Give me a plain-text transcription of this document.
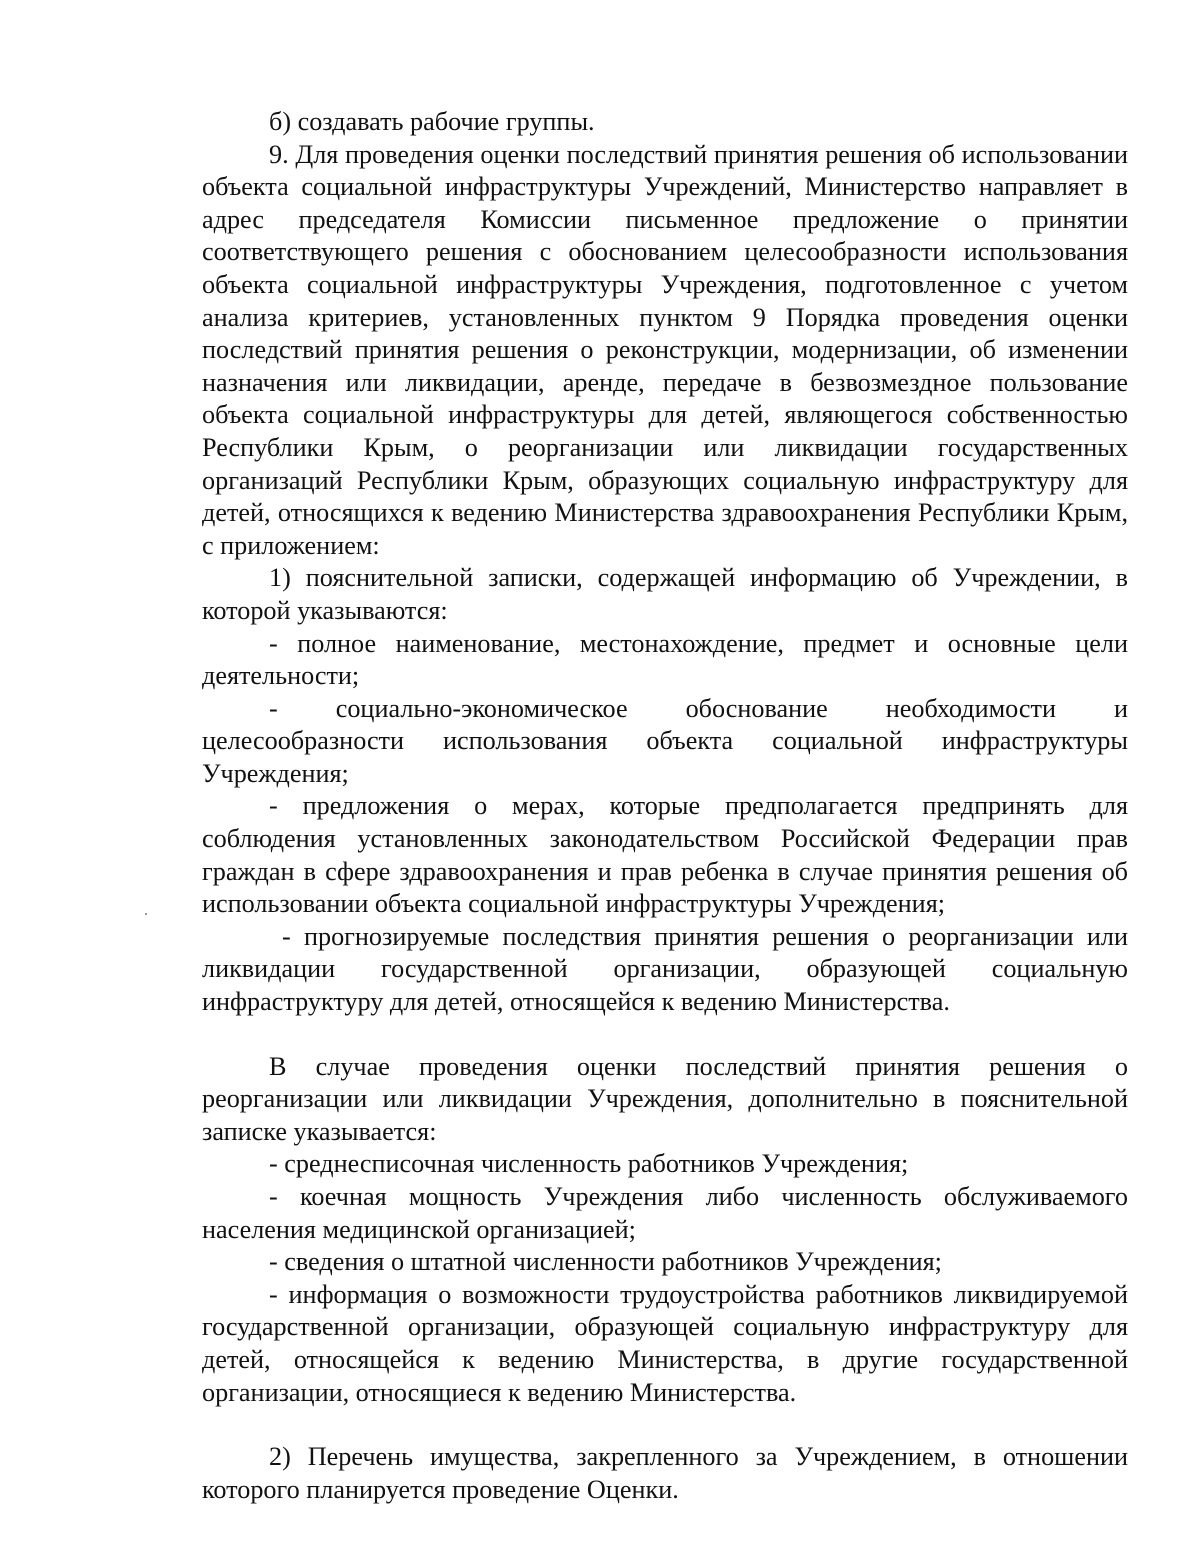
б) создавать рабочие группы.

9. Для проведения оценки последствий принятия решения об использовании объекта социальной инфраструктуры Учреждений, Министерство направляет в адрес председателя Комиссии письменное предложение о принятии соответствующего решения с обоснованием целесообразности использования объекта социальной инфраструктуры Учреждения, подготовленное с учетом анализа критериев, установленных пунктом 9 Порядка проведения оценки последствий принятия решения о реконструкции, модернизации, об изменении назначения или ликвидации, аренде, передаче в безвозмездное пользование объекта социальной инфраструктуры для детей, являющегося собственностью Республики Крым, о реорганизации или ликвидации государственных организаций Республики Крым, образующих социальную инфраструктуру для детей, относящихся к ведению Министерства здравоохранения Республики Крым, с приложением:

1) пояснительной записки, содержащей информацию об Учреждении, в которой указываются:

- полное наименование, местонахождение, предмет и основные цели деятельности;

- социально-экономическое обоснование необходимости и целесообразности использования объекта социальной инфраструктуры Учреждения;

- предложения о мерах, которые предполагается предпринять для соблюдения установленных законодательством Российской Федерации прав граждан в сфере здравоохранения и прав ребенка в случае принятия решения об использовании объекта социальной инфраструктуры Учреждения;

- прогнозируемые последствия принятия решения о реорганизации или ликвидации государственной организации, образующей социальную инфраструктуру для детей, относящейся к ведению Министерства.

В случае проведения оценки последствий принятия решения о реорганизации или ликвидации Учреждения, дополнительно в пояснительной записке указывается:

- среднесписочная численность работников Учреждения;

- коечная мощность Учреждения либо численность обслуживаемого населения медицинской организацией;

- сведения о штатной численности работников Учреждения;

- информация о возможности трудоустройства работников ликвидируемой государственной организации, образующей социальную инфраструктуру для детей, относящейся к ведению Министерства, в другие государственной организации, относящиеся к ведению Министерства.

2) Перечень имущества, закрепленного за Учреждением, в отношении которого планируется проведение Оценки.
